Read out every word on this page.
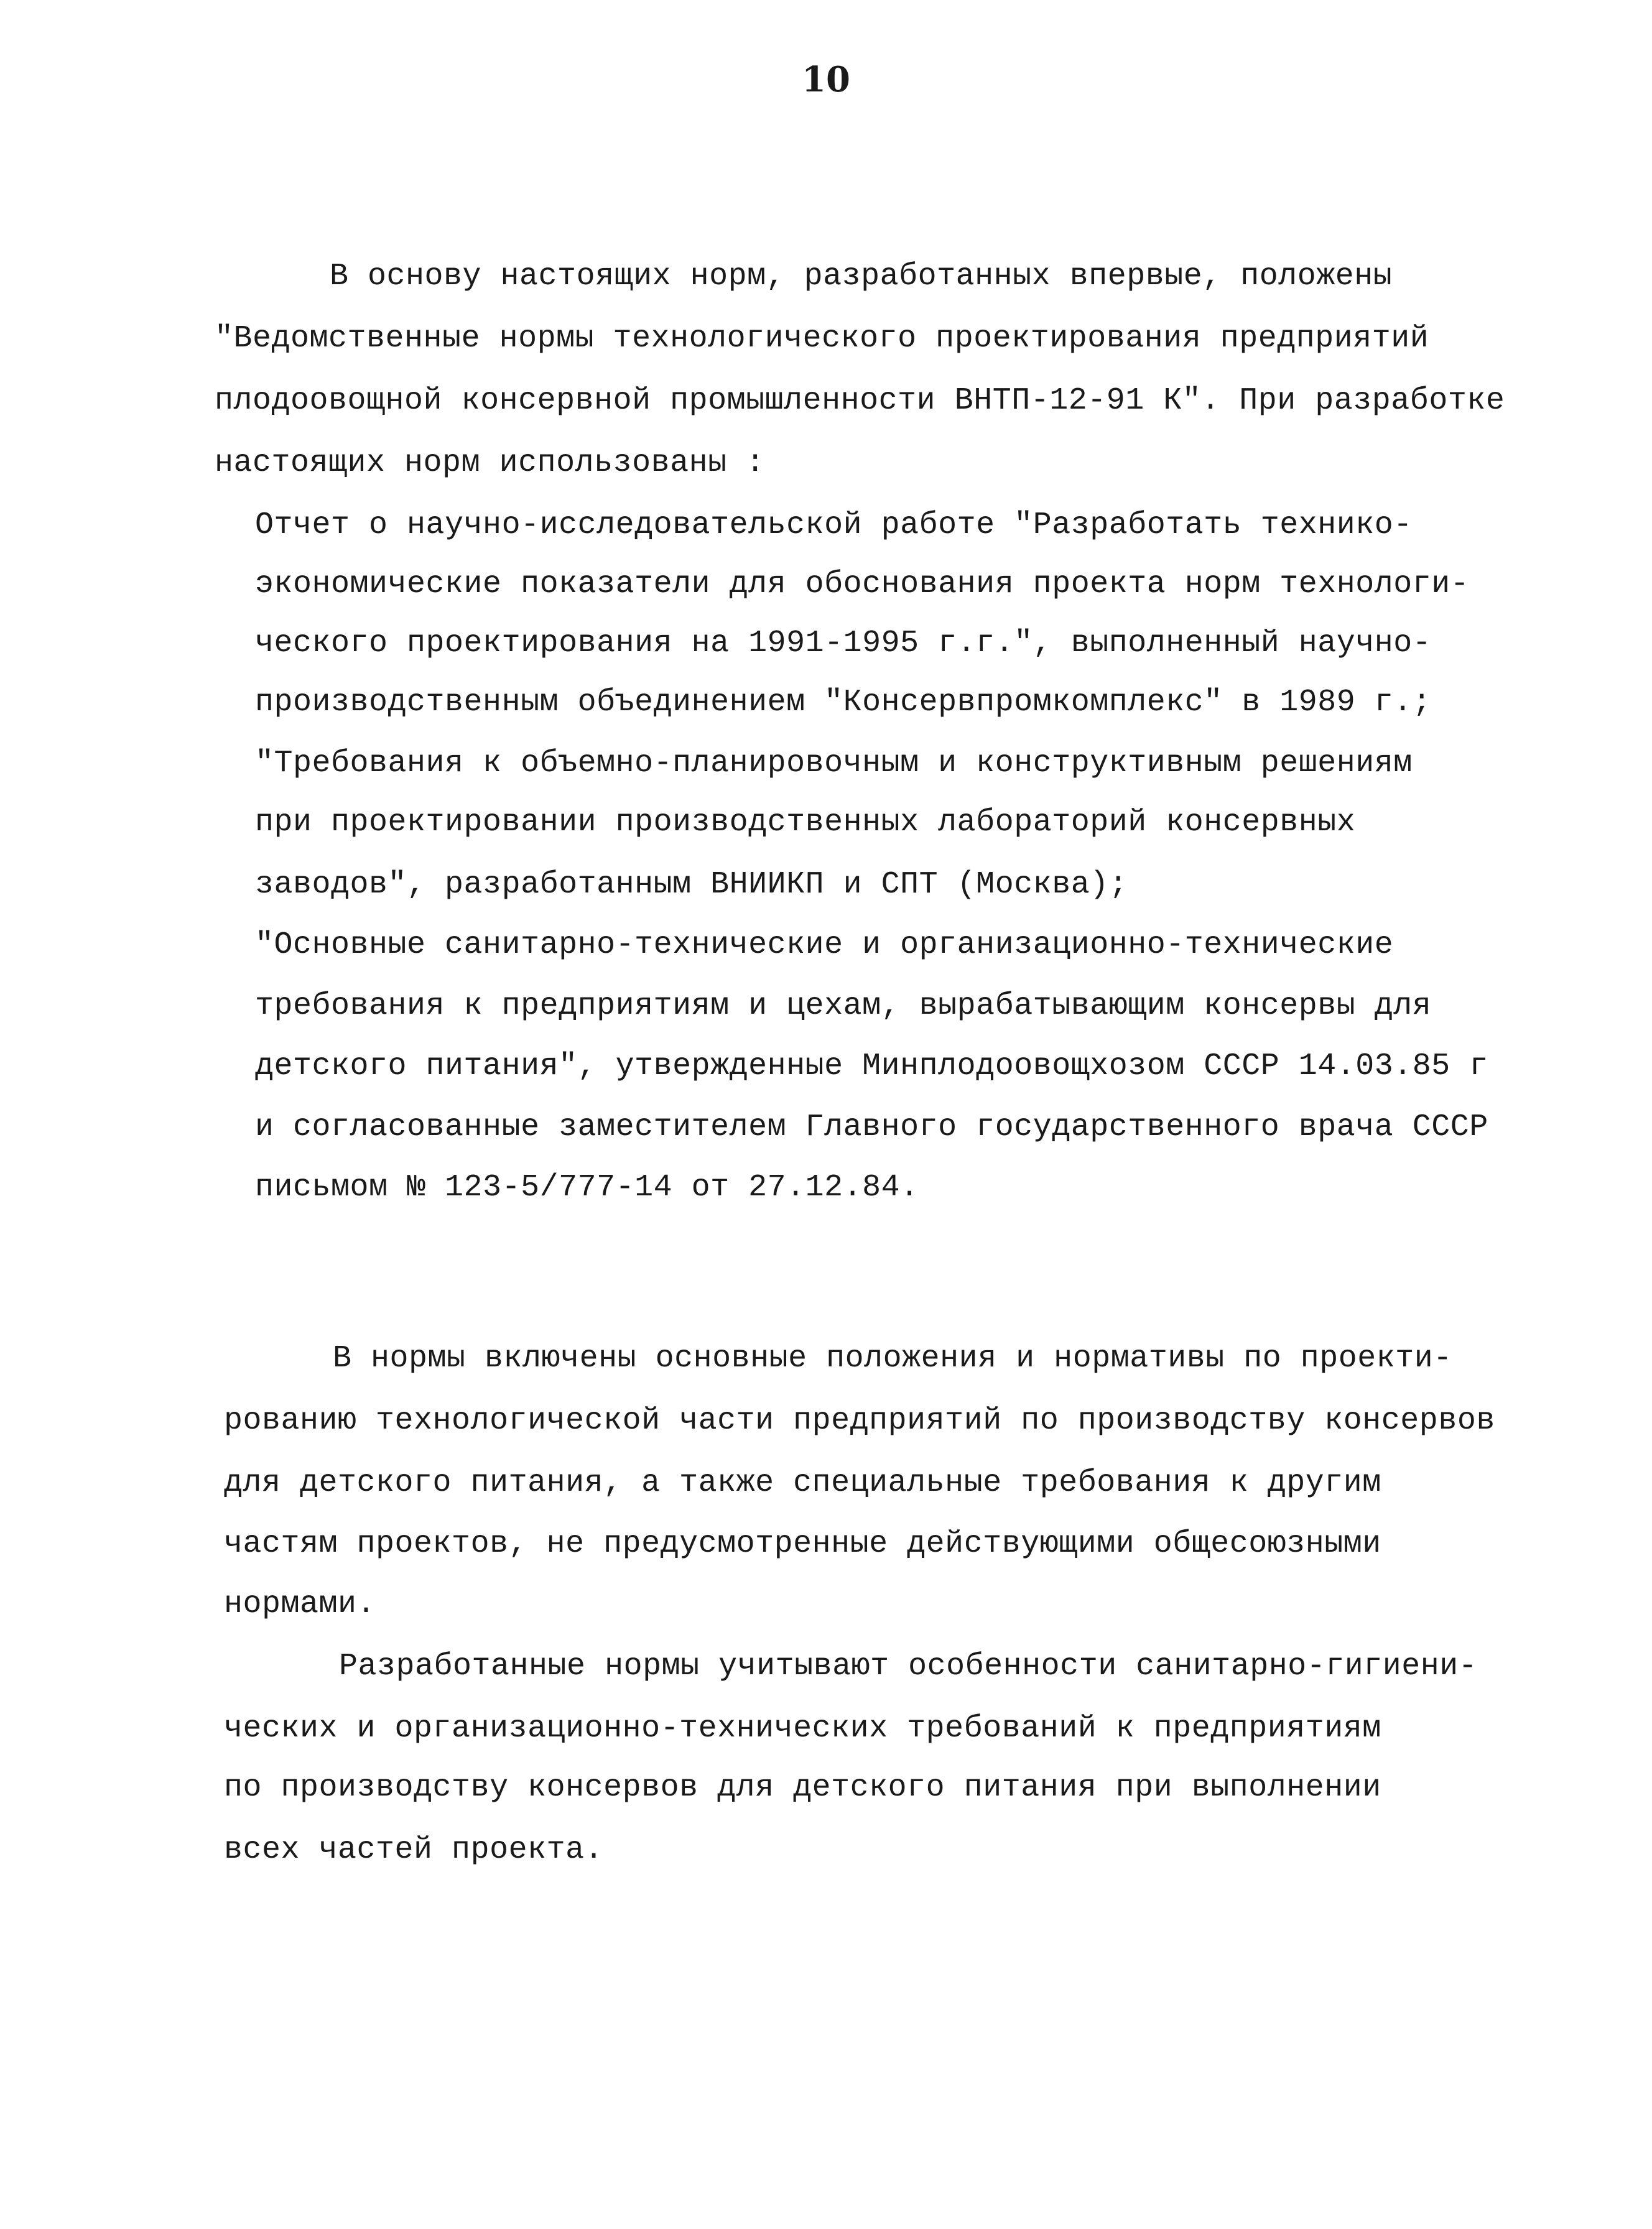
10
В основу настоящих норм, разработанных впервые, положены
"Ведомственные нормы технологического проектирования предприятий
плодоовощной консервной промышленности ВНТП-12-91 К". При разработке
настоящих норм использованы :
Отчет о научно-исследовательской работе "Разработать технико-
экономические показатели для обоснования проекта норм технологи-
ческого проектирования на 1991-1995 г.г.", выполненный научно-
производственным объединением "Консервпромкомплекс" в 1989 г.;
"Требования к объемно-планировочным и конструктивным решениям
при проектировании производственных лабораторий консервных
заводов", разработанным ВНИИКП и СПТ (Москва);
"Основные санитарно-технические и организационно-технические
требования к предприятиям и цехам, вырабатывающим консервы для
детского питания", утвержденные Минплодоовощхозом СССР 14.03.85 г
и согласованные заместителем Главного государственного врача СССР
письмом № 123-5/777-14 от 27.12.84.
В нормы включены основные положения и нормативы по проекти-
рованию технологической части предприятий по производству консервов
для детского питания, а также специальные требования к другим
частям проектов, не предусмотренные действующими общесоюзными
нормами.
Разработанные нормы учитывают особенности санитарно-гигиени-
ческих и организационно-технических требований к предприятиям
по производству консервов для детского питания при выполнении
всех частей проекта.
